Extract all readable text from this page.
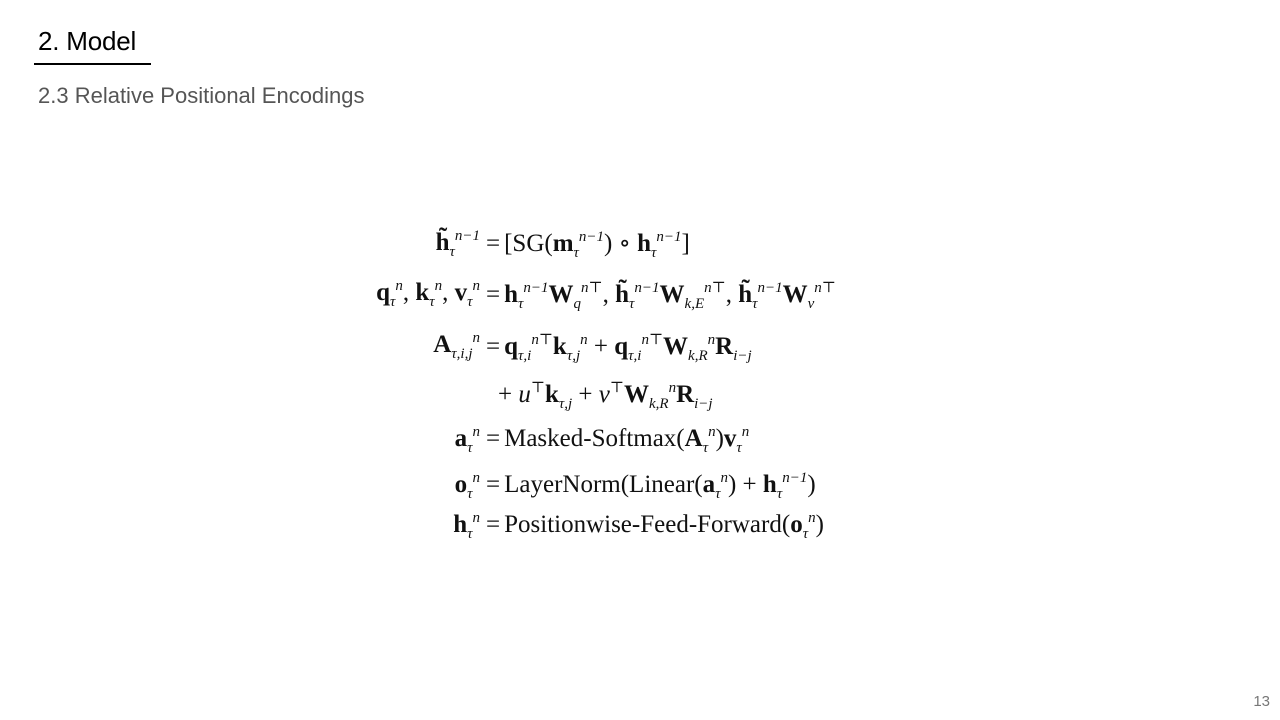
2. Model
2.3 Relative Positional Encodings
$h̃_\tau^{n-1} = [SG(m_\tau^{n-1})$ ∘ $h_\tau^{n-1}$]
$q_\tau^n$, $k_\tau^n$, $v_\tau^n = h_\tau^{n-1}W_q^{n⊤}$, $h̃_\tau^{n-1}W_{k,E}^{n⊤}$, $h̃_\tau^{n-1}W_v^{n⊤}$
$A_{\tau,i,j}^n = q_{\tau,i}^{n⊤}k_{\tau,j}^n + q_{\tau,i}^{n⊤}W_{k,R}^nR_{i-j}$
+ $u^⊤k_{\tau,j} + v^⊤W_{k,R}^nR_{i-j}$
$a_\tau^n$ = Masked-$Softmax(A_\tau^n)v_\tau^n$
$o_\tau^n$ = $LayerNorm(Linear(a_\tau^n) + h_\tau^{n-1})$
$h_\tau^n$ = Positionwise-$Feed-Forward(o_\tau^n)$
13
